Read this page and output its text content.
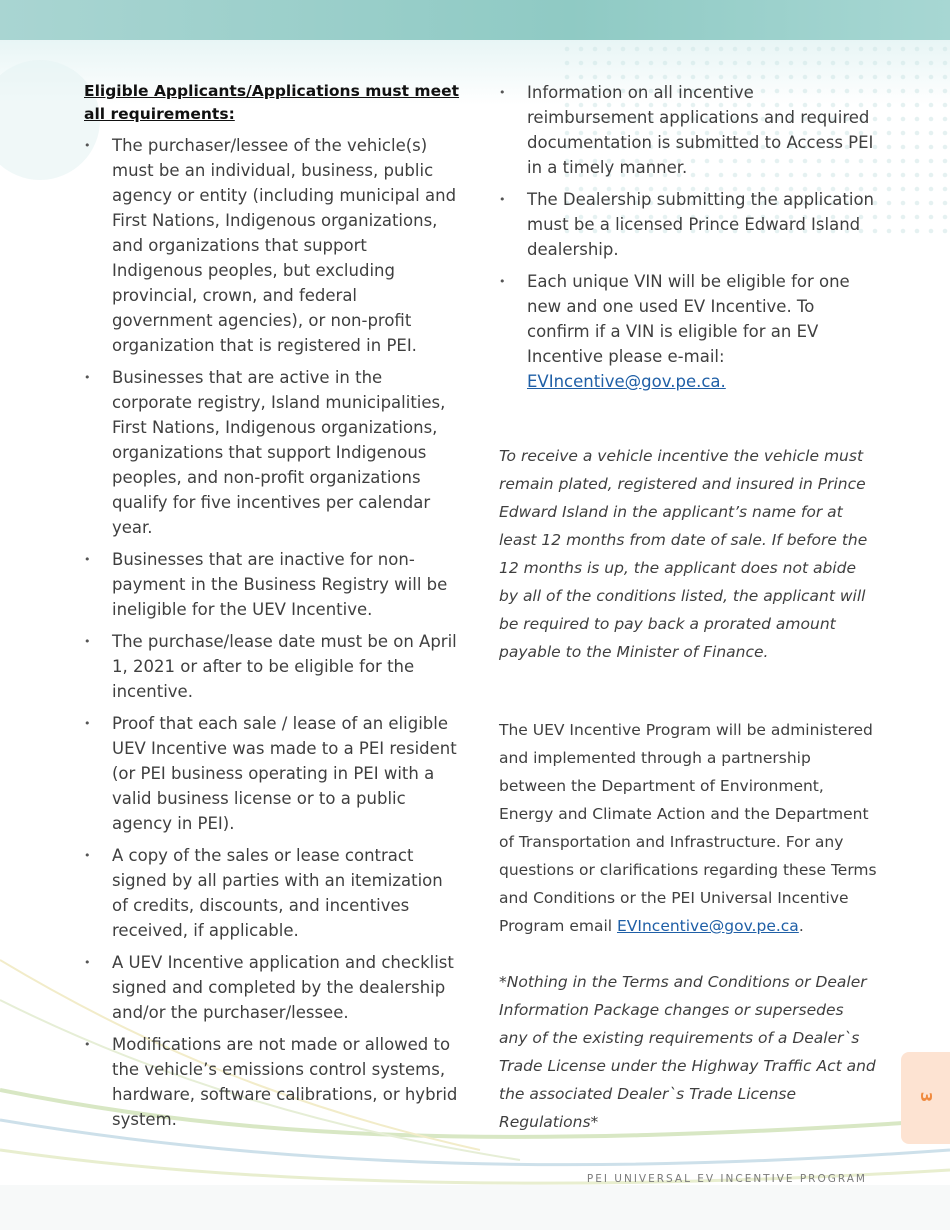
Eligible Applicants/Applications must meet all requirements:
• The purchaser/lessee of the vehicle(s) must be an individual, business, public agency or entity (including municipal and First Nations, Indigenous organizations, and organizations that support Indigenous peoples, but excluding provincial, crown, and federal government agencies), or non-profit organization that is registered in PEI.
• Businesses that are active in the corporate registry, Island municipalities, First Nations, Indigenous organizations, organizations that support Indigenous peoples, and non-profit organizations qualify for five incentives per calendar year.
• Businesses that are inactive for non-payment in the Business Registry will be ineligible for the UEV Incentive.
• The purchase/lease date must be on April 1, 2021 or after to be eligible for the incentive.
• Proof that each sale / lease of an eligible UEV Incentive was made to a PEI resident (or PEI business operating in PEI with a valid business license or to a public agency in PEI).
• A copy of the sales or lease contract signed by all parties with an itemization of credits, discounts, and incentives received, if applicable.
• A UEV Incentive application and checklist signed and completed by the dealership and/or the purchaser/lessee.
• Modifications are not made or allowed to the vehicle’s emissions control systems, hardware, software calibrations, or hybrid system.
• Information on all incentive reimbursement applications and required documentation is submitted to Access PEI in a timely manner.
• The Dealership submitting the application must be a licensed Prince Edward Island dealership.
• Each unique VIN will be eligible for one new and one used EV Incentive. To confirm if a VIN is eligible for an EV Incentive please e-mail: EVIncentive@gov.pe.ca.

To receive a vehicle incentive the vehicle must remain plated, registered and insured in Prince Edward Island in the applicant’s name for at least 12 months from date of sale. If before the 12 months is up, the applicant does not abide by all of the conditions listed, the applicant will be required to pay back a prorated amount payable to the Minister of Finance.

The UEV Incentive Program will be administered and implemented through a partnership between the Department of Environment, Energy and Climate Action and the Department of Transportation and Infrastructure. For any questions or clarifications regarding these Terms and Conditions or the PEI Universal Incentive Program email EVIncentive@gov.pe.ca.

*Nothing in the Terms and Conditions or Dealer Information Package changes or supersedes any of the existing requirements of a Dealer`s Trade License under the Highway Traffic Act and the associated Dealer`s Trade License Regulations*

3
PEI UNIVERSAL EV INCENTIVE PROGRAM
